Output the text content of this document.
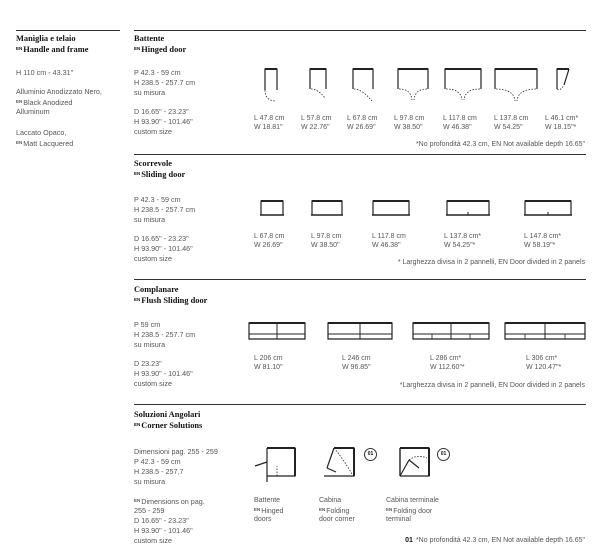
Maniglia e telaio
$^{EN}$Handle and frame
H 110 cm - 43.31"
Alluminio Anodizzato Nero,
$^{EN}$Black Anodized
Alluminum
Laccato Opaco,
$^{EN}$Matt Lacquered
Battente
$^{EN}$Hinged door
P 42.3 - 59 cm
H 238.5 - 257.7 cm
su misura
D 16.65" - 23.23"
H 93.90" - 101.46"
custom size
L 47.8 cm
W 18.81"
L 57.8 cm
W 22.76"
L 67.8 cm
W 26.69"
L 97.8 cm
W 38.50"
L 117.8 cm
W 46.38"
L 137.8 cm
W 54.25"
L 46.1 cm*
W 18.15"*
*No profondità 42.3 cm, EN Not available depth 16.65"
Scorrevole
$^{EN}$Sliding door
P 42.3 - 59 cm
H 238.5 - 257.7 cm
su misura
D 16.65" - 23.23"
H 93.90" - 101.46"
custom size
L 67.8 cm
W 26.69"
L 97.8 cm
W 38.50"
L 117.8 cm
W 46.38"
L 137.8 cm*
W 54.25"*
L 147.8 cm*
W 58.19"*
* Larghezza divisa in 2 pannelli, EN Door divided in 2 panels
Complanare
$^{EN}$Flush Sliding door
P 59 cm
H 238.5 - 257.7 cm
su misura
D 23.23"
H 93.90" - 101.46"
custom size
L 206 cm
W 81.10"
L 246 cm
W 96.85"
L 286 cm*
W 112.60"*
L 306 cm*
W 120.47"*
*Larghezza divisa in 2 pannelli, EN Door divided in 2 panels
Soluzioni Angolari
$^{EN}$Corner Solutions
Dimensioni pag. 255 - 259
P 42.3 - 59 cm
H 238.5 - 257.7
su misura
$^{EN}$Dimensions on pag.
255 - 259
D 16.65" - 23.23"
H 93.90" - 101.46"
custom size
01	01
Battente
$^{EN}$Hinged
doors
Cabina
$^{EN}$Folding
door corner
Cabina terminale
$^{EN}$Folding door
terminal
01 *No profondità 42.3 cm, EN Not available depth 16.65"
